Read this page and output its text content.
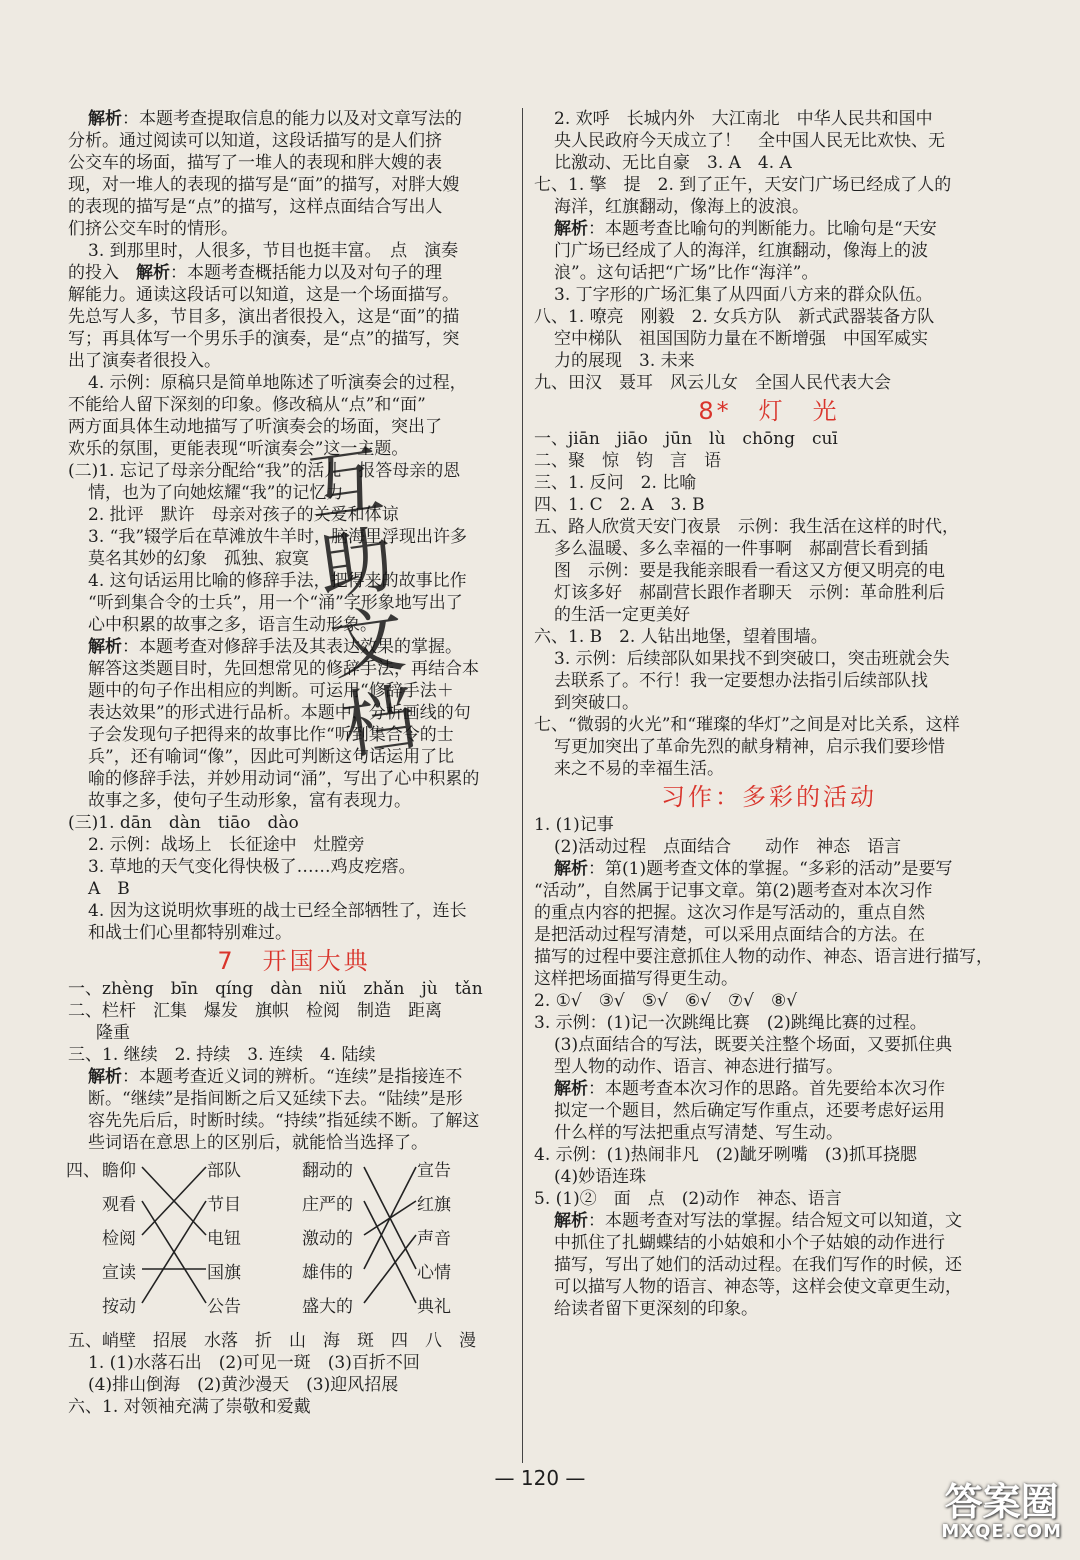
解析：本题考查提取信息的能力以及对文章写法的
分析。通过阅读可以知道，这段话描写的是人们挤
公交车的场面，描写了一堆人的表现和胖大嫂的表
现，对一堆人的表现的描写是“面”的描写，对胖大嫂
的表现的描写是“点”的描写，这样点面结合写出人
们挤公交车时的情形。
3. 到那里时，人很多，节目也挺丰富。　点　演奏
的投入　解析：本题考查概括能力以及对句子的理
解能力。通读这段话可以知道，这是一个场面描写。
先总写人多，节目多，演出者很投入，这是“面”的描
写；再具体写一个男乐手的演奏，是“点”的描写，突
出了演奏者很投入。
4. 示例：原稿只是简单地陈述了听演奏会的过程，
不能给人留下深刻的印象。修改稿从“点”和“面”
两方面具体生动地描写了听演奏会的场面，突出了
欢乐的氛围，更能表现“听演奏会”这一主题。
(二)1. 忘记了母亲分配给“我”的活儿　报答母亲的恩
情，也为了向她炫耀“我”的记忆力
2. 批评　默许　母亲对孩子的关爱和体谅
3. “我”辍学后在草滩放牛羊时，脑海里浮现出许多
莫名其妙的幻象　孤独、寂寞
4. 这句话运用比喻的修辞手法，把得来的故事比作
“听到集合令的士兵”，用一个“涌”字形象地写出了
心中积累的故事之多，语言生动形象。
解析：本题考查对修辞手法及其表达效果的掌握。
解答这类题目时，先回想常见的修辞手法，再结合本
题中的句子作出相应的判断。可运用“修辞手法＋
表达效果”的形式进行品析。本题中，分析画线的句
子会发现句子把得来的故事比作“听到集合令的士
兵”，还有喻词“像”，因此可判断这句话运用了比
喻的修辞手法，并妙用动词“涌”，写出了心中积累的
故事之多，使句子生动形象，富有表现力。
(三)1. dān　dàn　tiāo　dào
2. 示例：战场上　长征途中　灶膛旁
3. 草地的天气变化得快极了……鸡皮疙瘩。
A　B
4. 因为这说明炊事班的战士已经全部牺牲了，连长
和战士们心里都特别难过。
7　开国大典
一、zhèng　bīn　qíng　dàn　niǔ　zhǎn　jù　tǎn
二、栏杆　汇集　爆发　旗帜　检阅　制造　距离
隆重
三、1. 继续　2. 持续　3. 连续　4. 陆续
解析：本题考查近义词的辨析。“连续”是指接连不
断。“继续”是指间断之后又延续下去。“陆续”是形
容先先后后，时断时续。“持续”指延续不断。了解这
些词语在意思上的区别后，就能恰当选择了。
四、 瞻仰
观看
检阅
宣读
按动
部队
节目
电钮
国旗
公告
翻动的
庄严的
激动的
雄伟的
盛大的
宣告
红旗
声音
心情
典礼
五、峭壁　招展　水落　折　山　海　斑　四　八　漫
1. (1)水落石出　(2)可见一斑　(3)百折不回
(4)排山倒海　(2)黄沙漫天　(3)迎风招展
六、1. 对领袖充满了崇敬和爱戴
2. 欢呼　长城内外　大江南北　中华人民共和国中
央人民政府今天成立了！　全中国人民无比欢快、无
比激动、无比自豪　3. A　4. A
七、1. 擎　提　2. 到了正午，天安门广场已经成了人的
海洋，红旗翻动，像海上的波浪。
解析：本题考查比喻句的判断能力。比喻句是“天安
门广场已经成了人的海洋，红旗翻动，像海上的波
浪”。这句话把“广场”比作“海洋”。
3. 丁字形的广场汇集了从四面八方来的群众队伍。
八、1. 嘹亮　刚毅　2. 女兵方队　新式武器装备方队
空中梯队　祖国国防力量在不断增强　中国军威实
力的展现　3. 未来
九、田汉　聂耳　风云儿女　全国人民代表大会
8*　灯　光
一、jiān　jiāo　jūn　lù　chōng　cuī
二、聚　惊　钧　言　语
三、1. 反问　2. 比喻
四、1. C　2. A　3. B
五、路人欣赏天安门夜景　示例：我生活在这样的时代，
多么温暖、多么幸福的一件事啊　郝副营长看到插
图　示例：要是我能亲眼看一看这又方便又明亮的电
灯该多好　郝副营长跟作者聊天　示例：革命胜利后
的生活一定更美好
六、1. B　2. 人钻出地堡，望着围墙。
3. 示例：后续部队如果找不到突破口，突击班就会失
去联系了。不行！我一定要想办法指引后续部队找
到突破口。
七、“微弱的火光”和“璀璨的华灯”之间是对比关系，这样
写更加突出了革命先烈的献身精神，启示我们要珍惜
来之不易的幸福生活。
习作：多彩的活动
1. (1)记事
(2)活动过程　点面结合　　动作　神态　语言
解析：第(1)题考查文体的掌握。“多彩的活动”是要写
“活动”，自然属于记事文章。第(2)题考查对本次习作
的重点内容的把握。这次习作是写活动的，重点自然
是把活动过程写清楚，可以采用点面结合的方法。在
描写的过程中要注意抓住人物的动作、神态、语言进行描写，
这样把场面描写得更生动。
2. ①√　③√　⑤√　⑥√　⑦√　⑧√
3. 示例：(1)记一次跳绳比赛　(2)跳绳比赛的过程。
(3)点面结合的写法，既要关注整个场面，又要抓住典
型人物的动作、语言、神态进行描写。
解析：本题考查本次习作的思路。首先要给本次习作
拟定一个题目，然后确定写作重点，还要考虑好运用
什么样的写法把重点写清楚、写生动。
4. 示例：(1)热闹非凡　(2)龇牙咧嘴　(3)抓耳挠腮
(4)妙语连珠
5. (1)②　面　点　(2)动作　神态、语言
解析：本题考查对写法的掌握。结合短文可以知道，文
中抓住了扎蝴蝶结的小姑娘和小个子姑娘的动作进行
描写，写出了她们的活动过程。在我们写作的时候，还
可以描写人物的语言、神态等，这样会使文章更生动，
给读者留下更深刻的印象。
— 120 —
互助文档
答案圈
MXQE.COM
